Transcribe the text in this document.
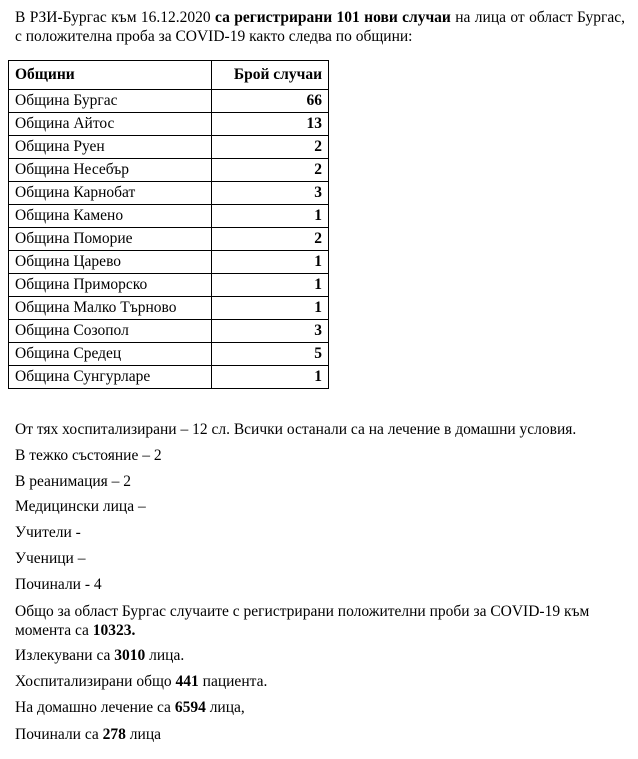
В РЗИ-Бургас към 16.12.2020 са регистрирани 101 нови случаи на лица от област Бургас, с положителна проба за COVID-19 както следва по общини:
Общини	Брой случаи
Община Бургас	66
Община Айтос	13
Община Руен	2
Община Несебър	2
Община Карнобат	3
Община Камено	1
Община Поморие	2
Община Царево	1
Община Приморско	1
Община Малко Търново	1
Община Созопол	3
Община Средец	5
Община Сунгурларе	1
От тях хоспитализирани – 12 сл. Всички останали са на лечение в домашни условия.
В тежко състояние – 2
В реанимация – 2
Медицински лица –
Учители -
Ученици –
Починали - 4
Общо за област Бургас случаите с регистрирани положителни проби за COVID-19 към момента са 10323.
Излекувани са 3010 лица.
Хоспитализирани общо 441 пациента.
На домашно лечение са 6594 лица,
Починали са 278 лица
